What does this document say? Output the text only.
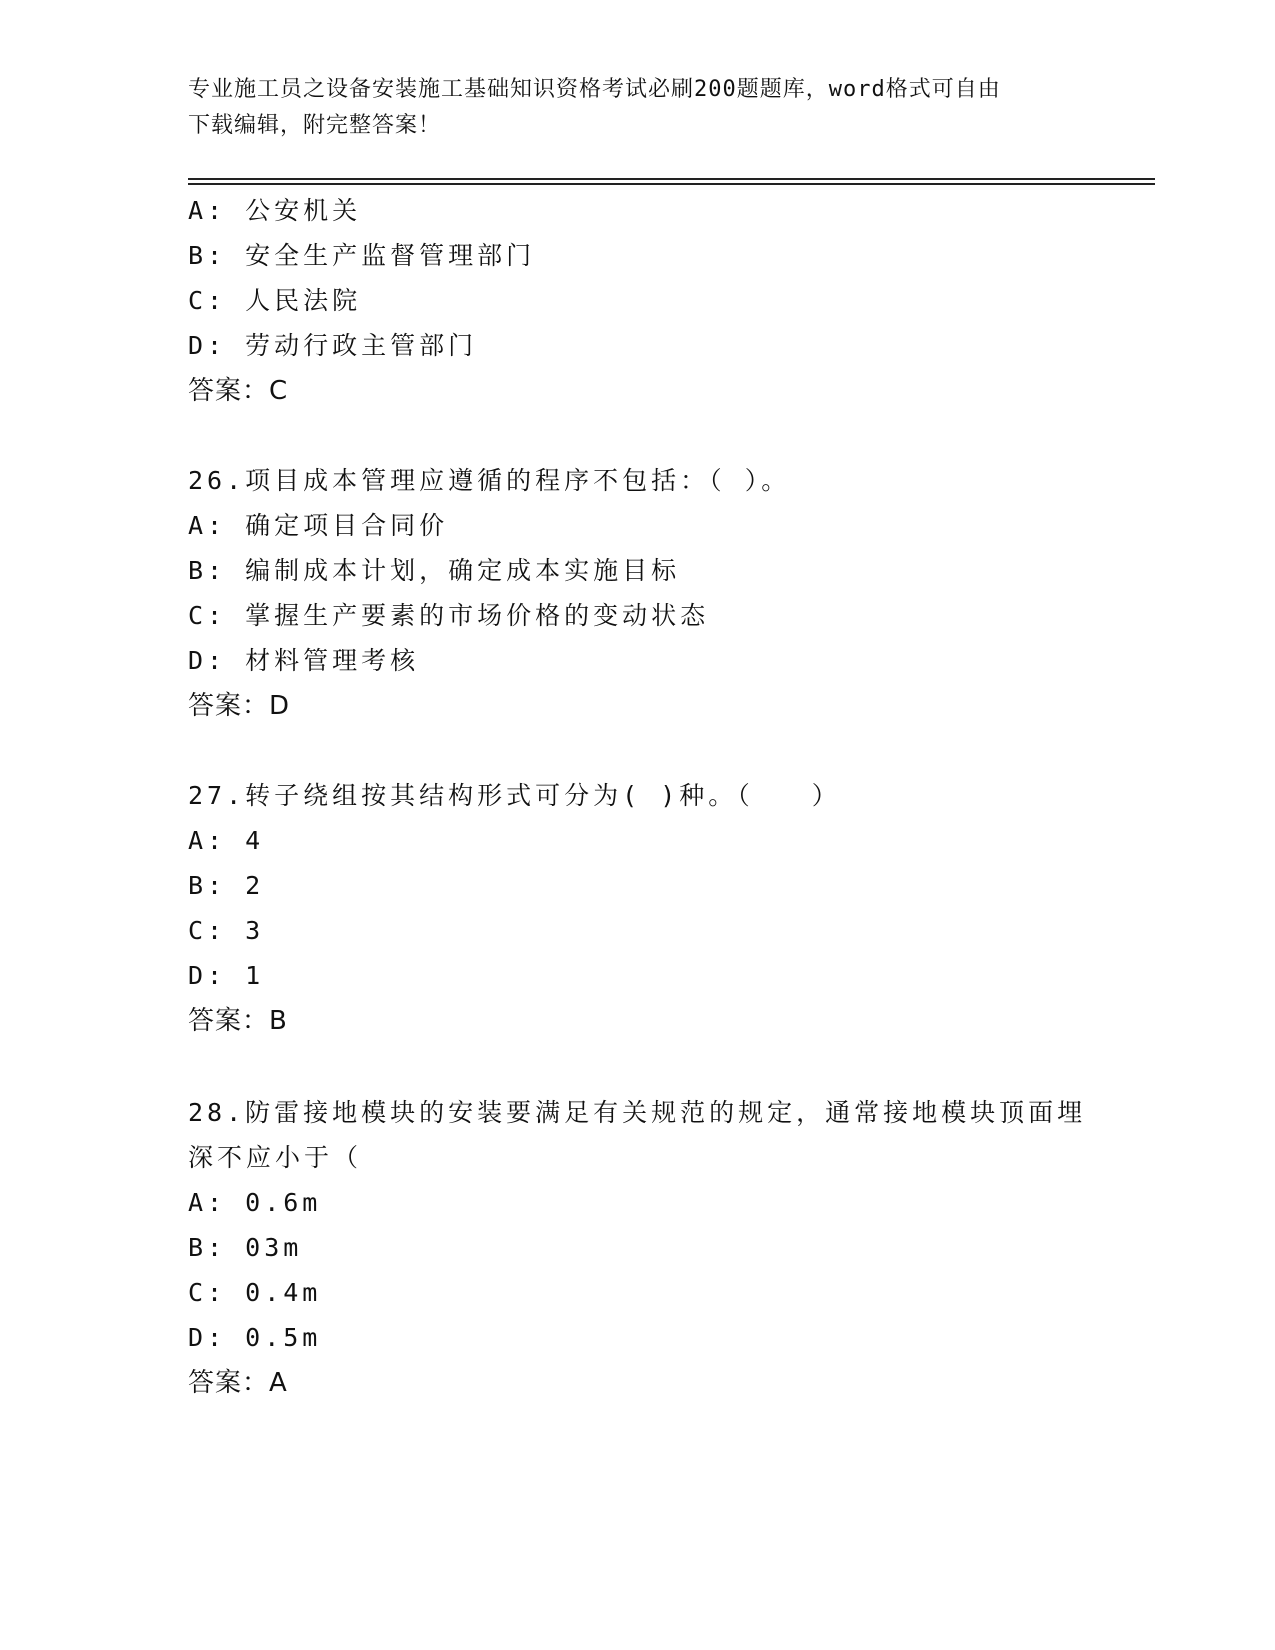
专业施工员之设备安装施工基础知识资格考试必刷200题题库，word格式可自由
下载编辑，附完整答案！
A: 公安机关
B: 安全生产监督管理部门
C: 人民法院
D: 劳动行政主管部门
答案：C
26.项目成本管理应遵循的程序不包括：（ ）。
A: 确定项目合同价
B: 编制成本计划，确定成本实施目标
C: 掌握生产要素的市场价格的变动状态
D: 材料管理考核
答案：D
27.转子绕组按其结构形式可分为( )种。（　　）
A: 4
B: 2
C: 3
D: 1
答案：B
28.防雷接地模块的安装要满足有关规范的规定，通常接地模块顶面埋
深不应小于（
A: 0.6m
B: 03m
C: 0.4m
D: 0.5m
答案：A
